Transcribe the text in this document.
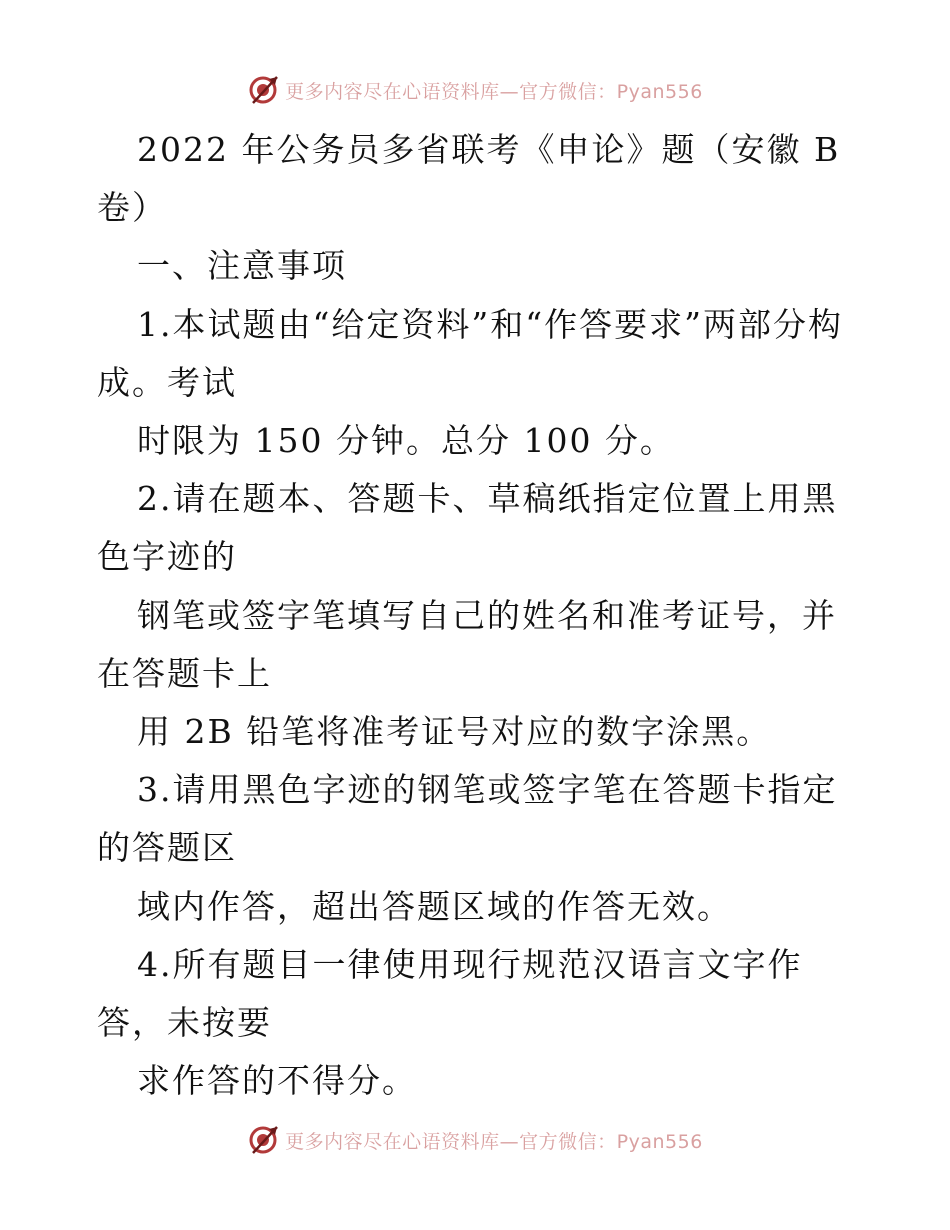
更多内容尽在心语资料库—官方微信：Pyan556

2022 年公务员多省联考《申论》题（安徽 B 卷）

一、注意事项

1.本试题由“给定资料”和“作答要求”两部分构成。考试

时限为 150 分钟。总分 100 分。

2.请在题本、答题卡、草稿纸指定位置上用黑色字迹的

钢笔或签字笔填写自己的姓名和准考证号，并在答题卡上

用 2B 铅笔将准考证号对应的数字涂黑。

3.请用黑色字迹的钢笔或签字笔在答题卡指定的答题区

域内作答，超出答题区域的作答无效。

4.所有题目一律使用现行规范汉语言文字作答，未按要

求作答的不得分。

更多内容尽在心语资料库—官方微信：Pyan556
